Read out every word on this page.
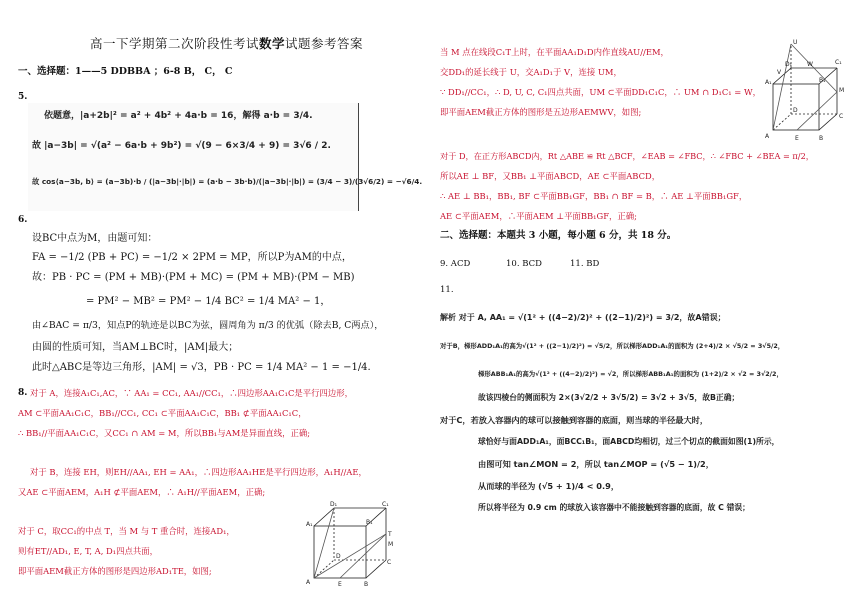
高一下学期第二次阶段性考试数学试题参考答案
一、选择题：1——5 DDBBA ；6-8 B， C， C
5.
依题意，|a+2b|² = a² + 4b² + 4a·b = 16，解得 a·b = 3/4.
故 |a−3b| = √(a² − 6a·b + 9b²) = √(9 − 6×3/4 + 9) = 3√6 / 2.
故 cos⟨a−3b, b⟩ = (a−3b)·b / (|a−3b|·|b|) = (a·b − 3b·b)/(|a−3b|·|b|) = (3/4 − 3)/(3√6/2) = −√6/4.
6.
设BC中点为M，由题可知：
FA = −1/2 (PB + PC) = −1/2 × 2PM = MP，所以P为AM的中点，
故：PB · PC = (PM + MB)·(PM + MC) = (PM + MB)·(PM − MB)
= PM² − MB² = PM² − 1/4 BC² = 1/4 MA² − 1，
由∠BAC = π/3，知点P的轨迹是以BC为弦，圆周角为 π/3 的优弧（除去B, C两点），
由圆的性质可知，当AM⊥BC时，|AM|最大；
此时△ABC是等边三角形，|AM| = √3，PB · PC = 1/4 MA² − 1 = −1/4.
8. 对于 A，连接A₁C₁,AC，∵ AA₁ = CC₁, AA₁//CC₁，∴四边形AA₁C₁C是平行四边形，
AM ⊂平面AA₁C₁C，BB₁//CC₁, CC₁ ⊂平面AA₁C₁C，BB₁ ⊄平面AA₁C₁C，
∴ BB₁//平面AA₁C₁C，又CC₁ ∩ AM = M，所以BB₁与AM是异面直线，正确;
对于 B，连接 EH，则EH//AA₁, EH = AA₁，∴四边形AA₁HE是平行四边形，A₁H//AE，
又AE ⊂平面AEM，A₁H ⊄平面AEM，∴ A₁H//平面AEM，正确;
对于 C，取CC₁的中点 T，当 M 与 T 重合时，连接AD₁，
则有ET//AD₁, E, T, A, D₁四点共面，
即平面AEM截正方体的图形是四边形AD₁TE，如图;
D₁	C₁
A₁	B₁
D
C
A	B
E
T
M
当 M 点在线段C₁T上时，在平面AA₁D₁D内作直线AU//EM，
交DD₁的延长线于 U，交A₁D₁于 V，连接 UM，
∵ DD₁//CC₁，∴ D, U, C, C₁四点共面，UM ⊂平面DD₁C₁C，∴ UM ∩ D₁C₁ = W，
即平面AEM截正方体的图形是五边形AEMWV，如图;
U
V
D₁ W	C₁
M
A₁	B₁
D
C
A	E	B
对于 D，在正方形ABCD内，Rt △ABE ≌ Rt △BCF，∠EAB = ∠FBC，∴ ∠FBC + ∠BEA = π/2，
所以AE ⊥ BF，又BB₁ ⊥平面ABCD，AE ⊂平面ABCD，
∴ AE ⊥ BB₁，BB₁, BF ⊂平面BB₁GF，BB₁ ∩ BF = B，∴ AE ⊥平面BB₁GF，
AE ⊂平面AEM，∴平面AEM ⊥平面BB₁GF，正确;
二、选择题：本题共 3 小题，每小题 6 分，共 18 分。
9. ACD	10. BCD	11. BD
11.
解析 对于 A, AA₁ = √(1² + ((4−2)/2)² + ((2−1)/2)²) = 3/2，故A错误；
对于B，梯形ADD₁A₁的高为√(1² + ((2−1)/2)²) = √5/2，所以梯形ADD₁A₁的面积为 (2+4)/2 × √5/2 = 3√5/2，
梯形ABB₁A₁的高为√(1² + ((4−2)/2)²) = √2，所以梯形ABB₁A₁的面积为 (1+2)/2 × √2 = 3√2/2，
故该四棱台的侧面积为 2×(3√2/2 + 3√5/2) = 3√2 + 3√5，故B正确；
对于C，若放入容器内的球可以接触到容器的底面，则当球的半径最大时，
球恰好与面ADD₁A₁，面BCC₁B₁，面ABCD均相切，过三个切点的截面如图(1)所示，
由图可知 tan∠MON = 2，所以 tan∠MOP = (√5 − 1)/2，
从而球的半径为 (√5 + 1)/4 < 0.9，
所以将半径为 0.9 cm 的球放入该容器中不能接触到容器的底面，故 C 错误；
